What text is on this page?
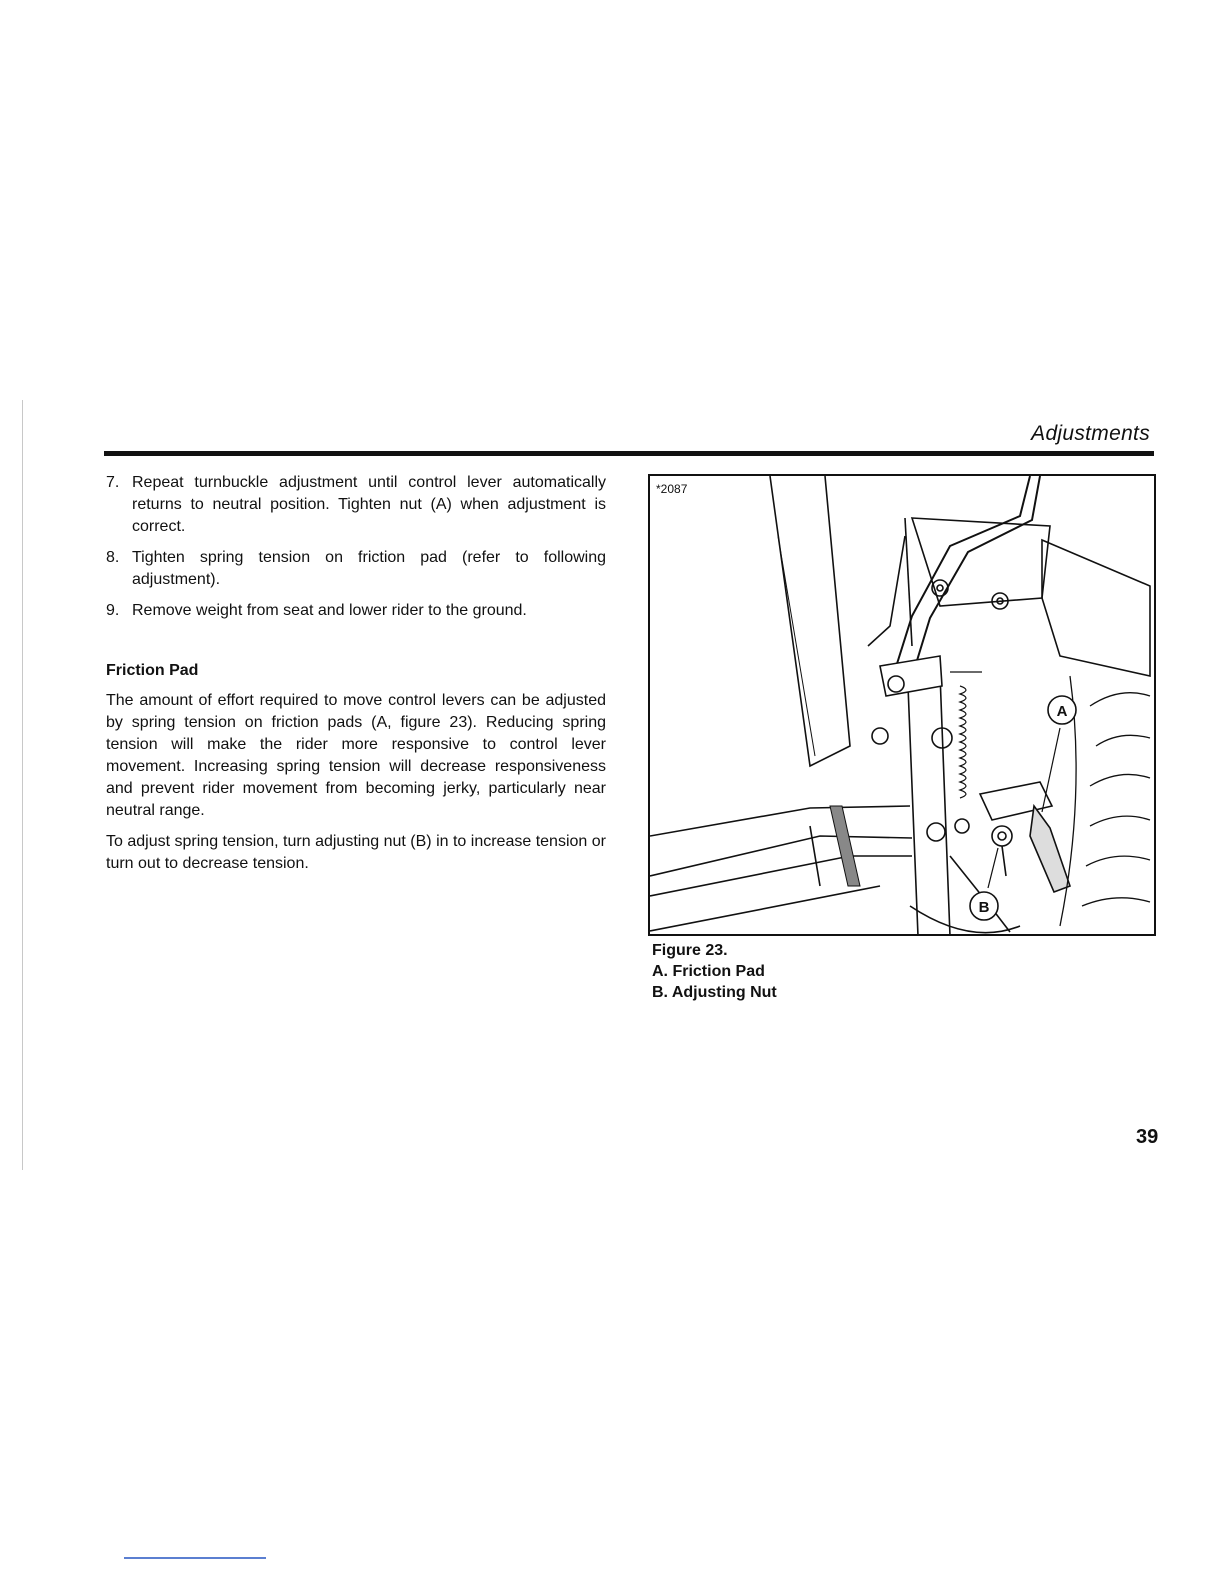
Adjustments
7. Repeat turnbuckle adjustment until control lever automatically returns to neutral position. Tighten nut (A) when adjustment is correct.
8. Tighten spring tension on friction pad (refer to following adjustment).
9. Remove weight from seat and lower rider to the ground.
Friction Pad

The amount of effort required to move control levers can be adjusted by spring tension on friction pads (A, figure 23). Reducing spring tension will make the rider more responsive to control lever movement. Increasing spring tension will decrease responsiveness and prevent rider movement from becoming jerky, particularly near neutral range.

To adjust spring tension, turn adjusting nut (B) in to increase tension or turn out to decrease tension.

A
B
*2087
Figure 23.
A. Friction Pad
B. Adjusting Nut
39
